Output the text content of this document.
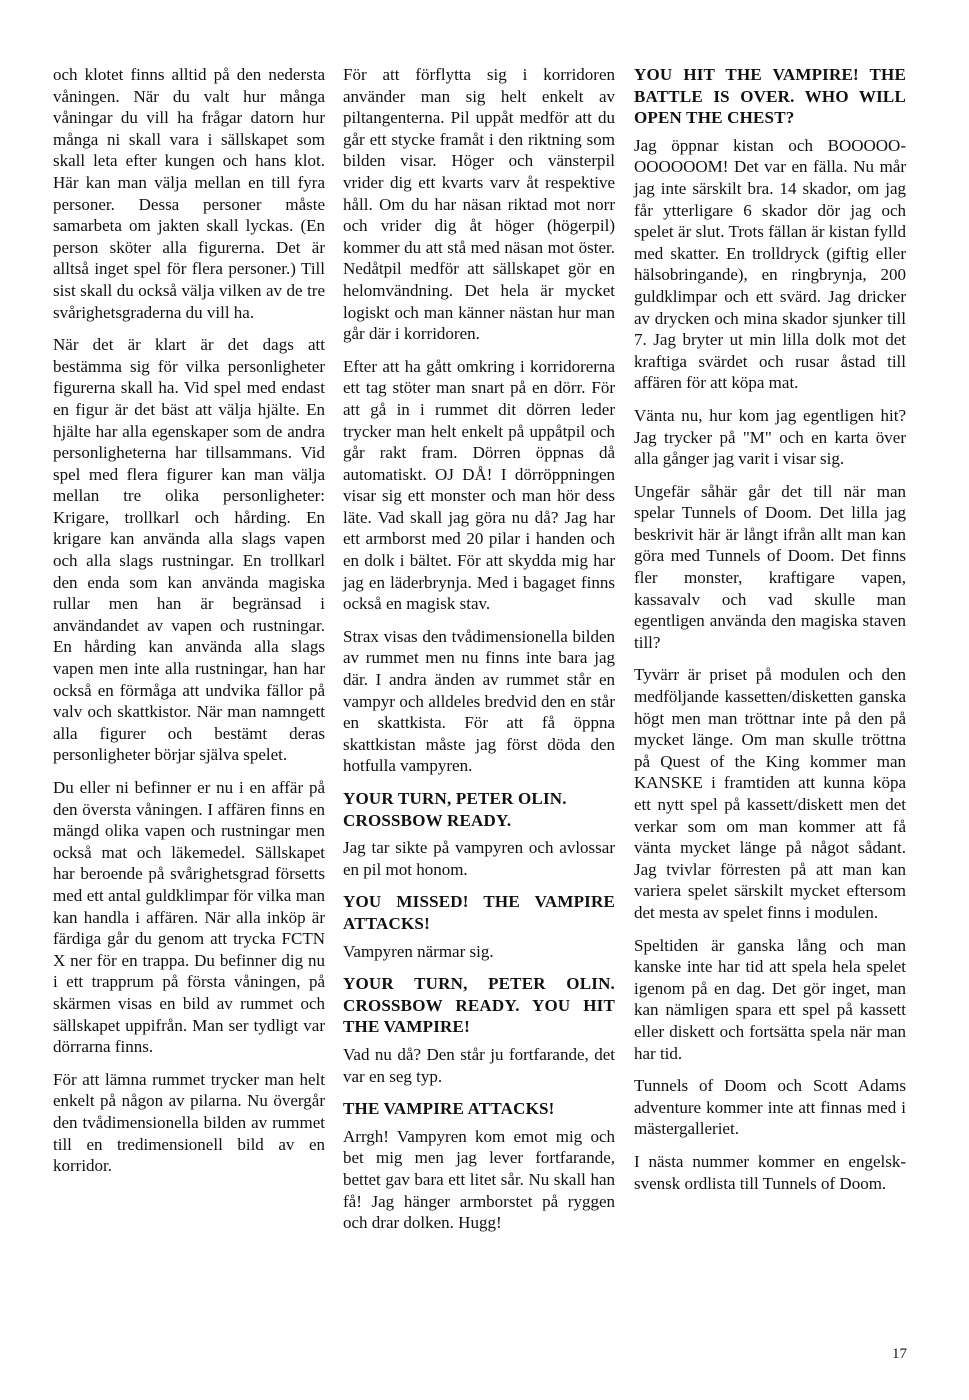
och klotet finns alltid på den nedersta våningen. När du valt hur många våningar du vill ha frågar datorn hur många ni skall vara i sällskapet som skall leta efter kungen och hans klot. Här kan man välja mellan en till fyra personer. Dessa personer måste samarbeta om jakten skall lyckas. (En person sköter alla figurerna. Det är alltså inget spel för flera personer.) Till sist skall du också välja vilken av de tre svårighetsgraderna du vill ha.

När det är klart är det dags att bestämma sig för vilka personligheter figurerna skall ha. Vid spel med endast en figur är det bäst att välja hjälte. En hjälte har alla egenskaper som de andra personligheterna har tillsammans. Vid spel med flera figurer kan man välja mellan tre olika personligheter: Krigare, trollkarl och hårding. En krigare kan använda alla slags vapen och alla slags rustningar. En trollkarl den enda som kan använda magiska rullar men han är begränsad i användandet av vapen och rustningar. En hårding kan använda alla slags vapen men inte alla rustningar, han har också en förmåga att undvika fällor på valv och skattkistor. När man namngett alla figurer och bestämt deras personligheter börjar själva spelet.

Du eller ni befinner er nu i en affär på den översta våningen. I affären finns en mängd olika vapen och rustningar men också mat och läkemedel. Sällskapet har beroende på svårighetsgrad försetts med ett antal guldklimpar för vilka man kan handla i affären. När alla inköp är färdiga går du genom att trycka FCTN X ner för en trappa. Du befinner dig nu i ett trapprum på första våningen, på skärmen visas en bild av rummet och sällskapet uppifrån. Man ser tydligt var dörrarna finns.

För att lämna rummet trycker man helt enkelt på någon av pilarna. Nu övergår den tvådimensionella bilden av rummet till en tredimensionell bild av en korridor.

För att förflytta sig i korridoren använder man sig helt enkelt av piltangenterna. Pil uppåt medför att du går ett stycke framåt i den riktning som bilden visar. Höger och vänsterpil vrider dig ett kvarts varv åt respektive håll. Om du har näsan riktad mot norr och vrider dig åt höger (högerpil) kommer du att stå med näsan mot öster. Nedåtpil medför att sällskapet gör en helomvändning. Det hela är mycket logiskt och man känner nästan hur man går där i korridoren.

Efter att ha gått omkring i korridorerna ett tag stöter man snart på en dörr. För att gå in i rummet dit dörren leder trycker man helt enkelt på uppåtpil och går rakt fram. Dörren öppnas då automatiskt. OJ DÅ! I dörröppningen visar sig ett monster och man hör dess läte. Vad skall jag göra nu då? Jag har ett armborst med 20 pilar i handen och en dolk i bältet. För att skydda mig har jag en läderbrynja. Med i bagaget finns också en magisk stav.

Strax visas den tvådimensionella bilden av rummet men nu finns inte bara jag där. I andra änden av rummet står en vampyr och alldeles bredvid den en står en skattkista. För att få öppna skattkistan måste jag först döda den hotfulla vampyren.

YOUR TURN, PETER OLIN.
CROSSBOW READY.

Jag tar sikte på vampyren och avlossar en pil mot honom.

YOU MISSED! THE VAMPIRE ATTACKS!

Vampyren närmar sig.

YOUR TURN, PETER OLIN. CROSSBOW READY. YOU HIT THE VAMPIRE!

Vad nu då? Den står ju fortfarande, det var en seg typ.

THE VAMPIRE ATTACKS!

Arrgh! Vampyren kom emot mig och bet mig men jag lever fortfarande, bettet gav bara ett litet sår. Nu skall han få! Jag hänger armborstet på ryggen och drar dolken. Hugg!

YOU HIT THE VAMPIRE! THE BATTLE IS OVER. WHO WILL OPEN THE CHEST?

Jag öppnar kistan och BOOOOO-OOOOOOM! Det var en fälla. Nu mår jag inte särskilt bra. 14 skador, om jag får ytterligare 6 skador dör jag och spelet är slut. Trots fällan är kistan fylld med skatter. En trolldryck (giftig eller hälsobringande), en ringbrynja, 200 guldklimpar och ett svärd. Jag dricker av drycken och mina skador sjunker till 7. Jag bryter ut min lilla dolk mot det kraftiga svärdet och rusar åstad till affären för att köpa mat.

Vänta nu, hur kom jag egentligen hit? Jag trycker på "M" och en karta över alla gånger jag varit i visar sig.

Ungefär såhär går det till när man spelar Tunnels of Doom. Det lilla jag beskrivit här är långt ifrån allt man kan göra med Tunnels of Doom. Det finns fler monster, kraftigare vapen, kassavalv och vad skulle man egentligen använda den magiska staven till?

Tyvärr är priset på modulen och den medföljande kassetten/disketten ganska högt men man tröttnar inte på den på mycket länge. Om man skulle tröttna på Quest of the King kommer man KANSKE i framtiden att kunna köpa ett nytt spel på kassett/diskett men det verkar som om man kommer att få vänta mycket länge på något sådant. Jag tvivlar förresten på att man kan variera spelet särskilt mycket eftersom det mesta av spelet finns i modulen.

Speltiden är ganska lång och man kanske inte har tid att spela hela spelet igenom på en dag. Det gör inget, man kan nämligen spara ett spel på kassett eller diskett och fortsätta spela när man har tid.

Tunnels of Doom och Scott Adams adventure kommer inte att finnas med i mästergalleriet.

I nästa nummer kommer en engelsk-svensk ordlista till Tunnels of Doom.

17
